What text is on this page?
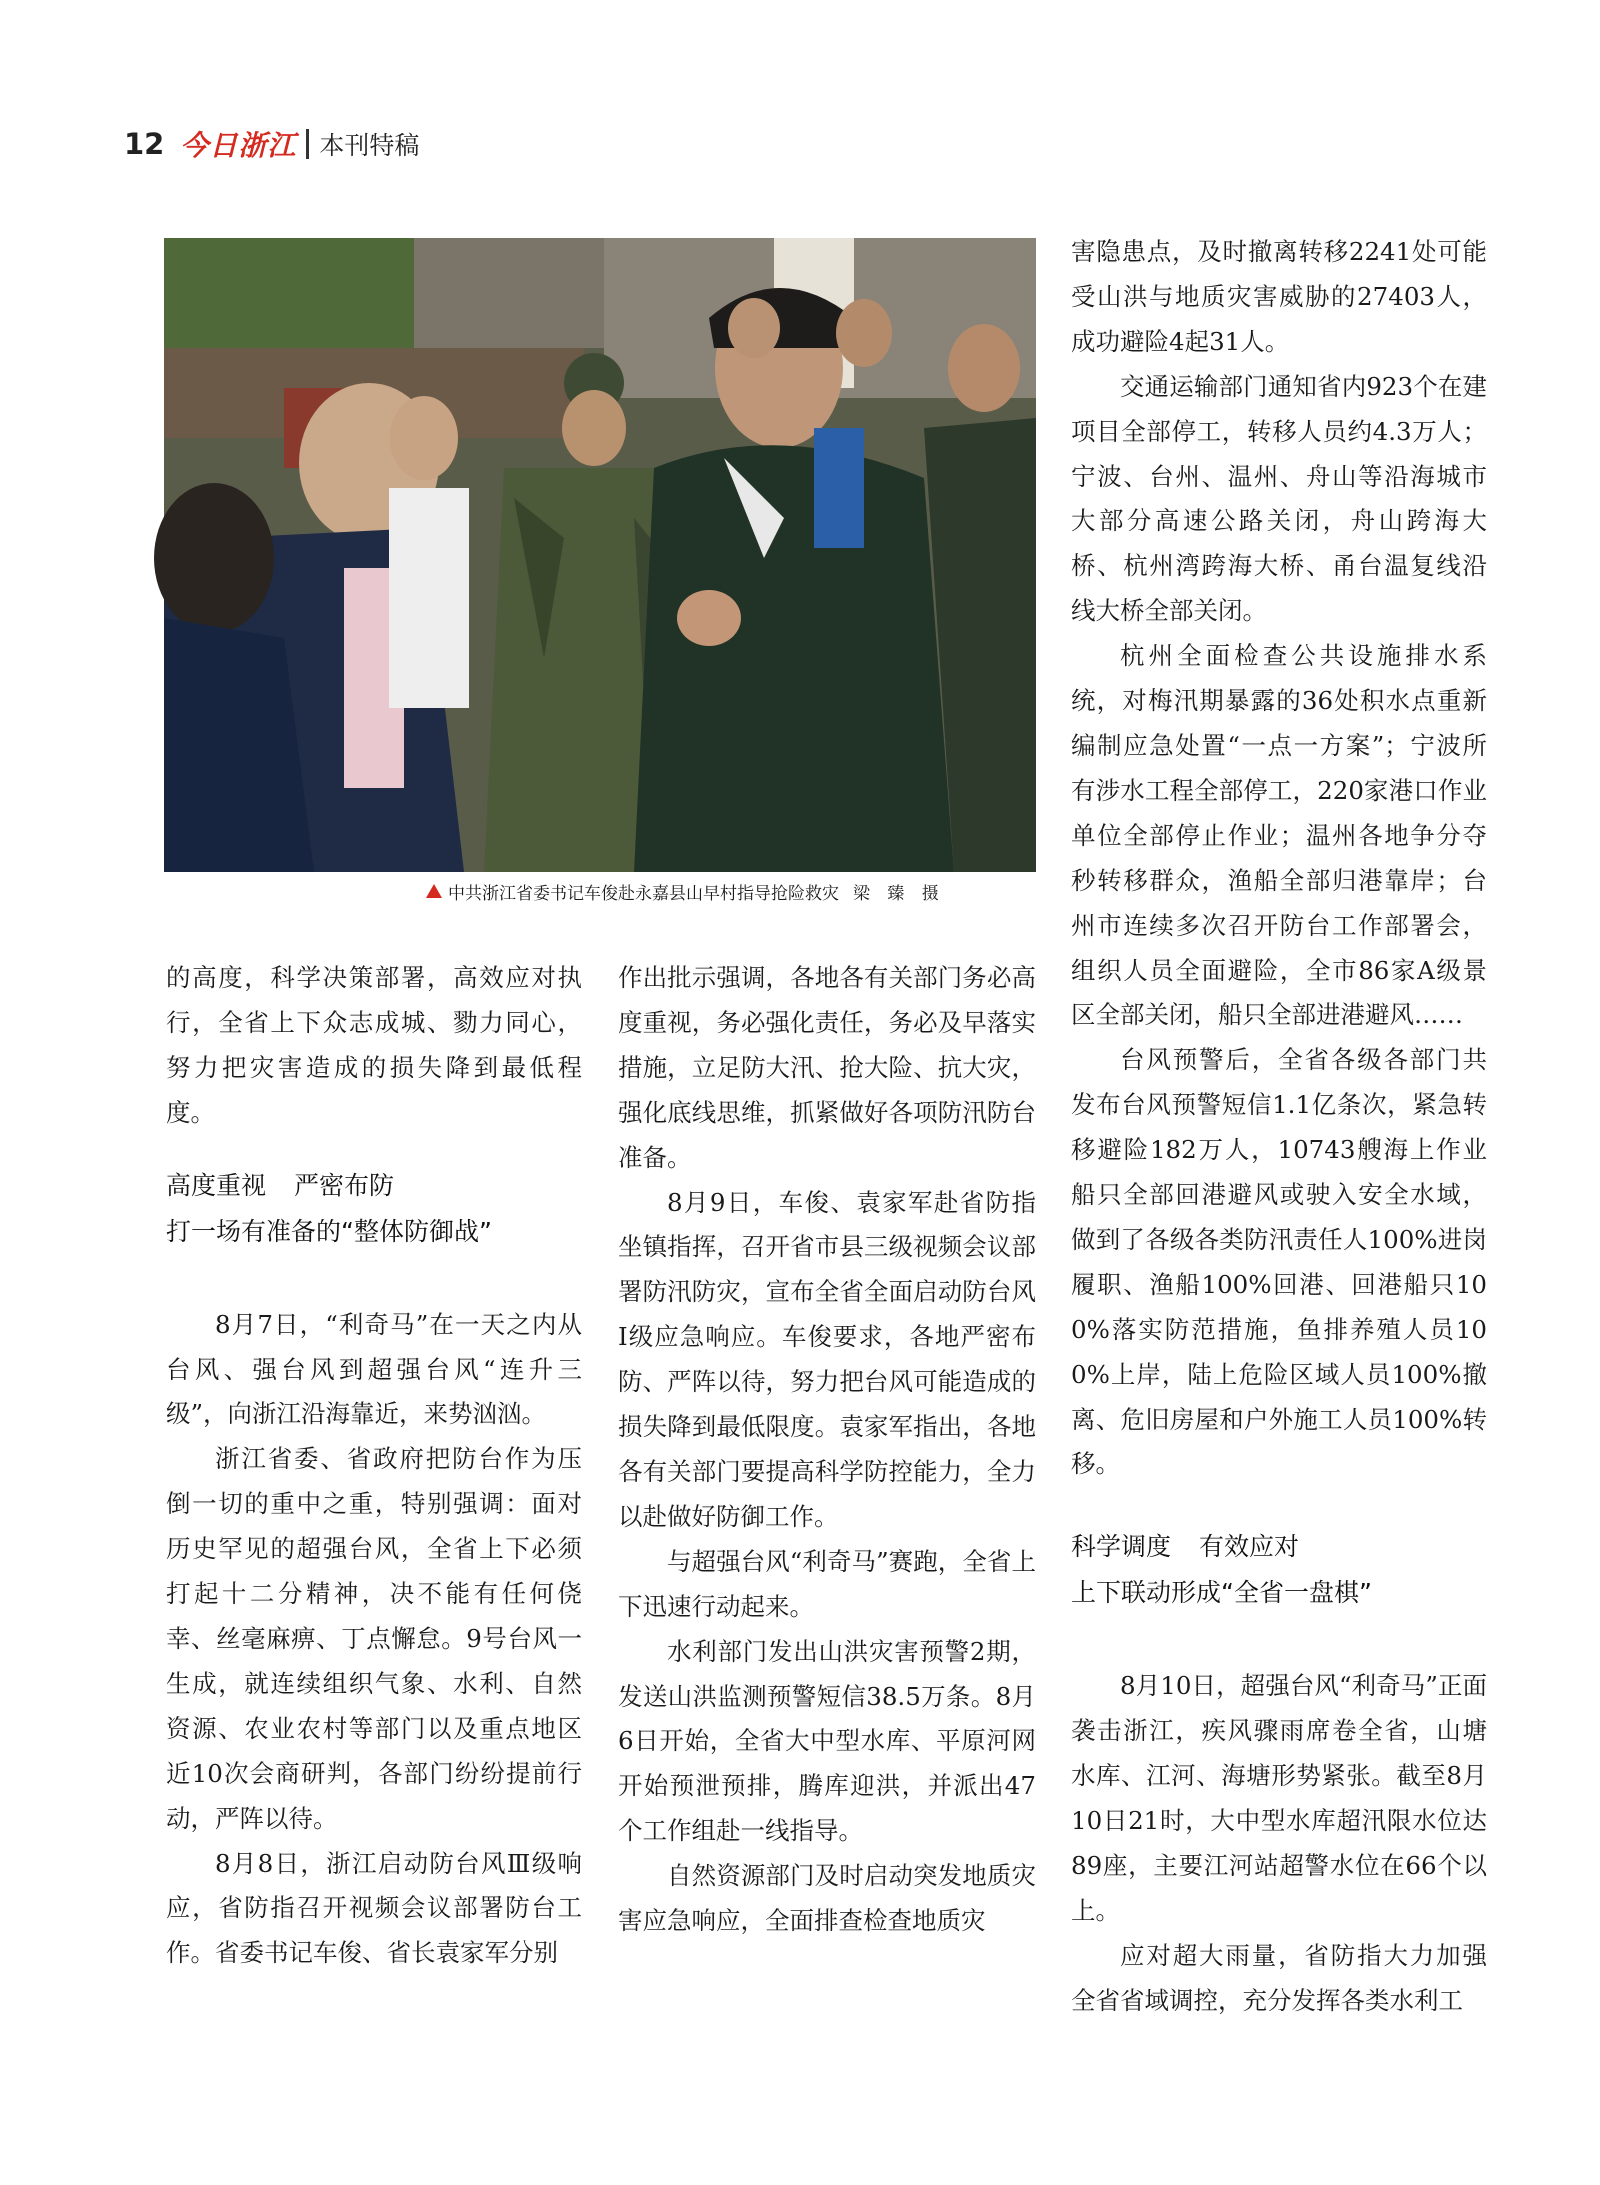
12 今日浙江 本刊特稿
中共浙江省委书记车俊赴永嘉县山早村指导抢险救灾 梁 臻 摄

的高度，科学决策部署，高效应对执行，全省上下众志成城、勠力同心，努力把灾害造成的损失降到最低程度。

高度重视 严密布防
打一场有准备的“整体防御战”

8月7日，“利奇马”在一天之内从台风、强台风到超强台风“连升三级”，向浙江沿海靠近，来势汹汹。

浙江省委、省政府把防台作为压倒一切的重中之重，特别强调：面对历史罕见的超强台风，全省上下必须打起十二分精神，决不能有任何侥幸、丝毫麻痹、丁点懈怠。9号台风一生成，就连续组织气象、水利、自然资源、农业农村等部门以及重点地区近10次会商研判，各部门纷纷提前行动，严阵以待。

8月8日，浙江启动防台风Ⅲ级响应，省防指召开视频会议部署防台工作。省委书记车俊、省长袁家军分别

作出批示强调，各地各有关部门务必高度重视，务必强化责任，务必及早落实措施，立足防大汛、抢大险、抗大灾，强化底线思维，抓紧做好各项防汛防台准备。

8月9日，车俊、袁家军赴省防指坐镇指挥，召开省市县三级视频会议部署防汛防灾，宣布全省全面启动防台风Ⅰ级应急响应。车俊要求，各地严密布防、严阵以待，努力把台风可能造成的损失降到最低限度。袁家军指出，各地各有关部门要提高科学防控能力，全力以赴做好防御工作。

与超强台风“利奇马”赛跑，全省上下迅速行动起来。

水利部门发出山洪灾害预警2期，发送山洪监测预警短信38.5万条。8月6日开始，全省大中型水库、平原河网开始预泄预排，腾库迎洪，并派出47个工作组赴一线指导。

自然资源部门及时启动突发地质灾害应急响应，全面排查检查地质灾

害隐患点，及时撤离转移2241处可能受山洪与地质灾害威胁的27403人，成功避险4起31人。

交通运输部门通知省内923个在建项目全部停工，转移人员约4.3万人；宁波、台州、温州、舟山等沿海城市大部分高速公路关闭，舟山跨海大桥、杭州湾跨海大桥、甬台温复线沿线大桥全部关闭。

杭州全面检查公共设施排水系统，对梅汛期暴露的36处积水点重新编制应急处置“一点一方案”；宁波所有涉水工程全部停工，220家港口作业单位全部停止作业；温州各地争分夺秒转移群众，渔船全部归港靠岸；台州市连续多次召开防台工作部署会，组织人员全面避险，全市86家A级景区全部关闭，船只全部进港避风……

台风预警后，全省各级各部门共发布台风预警短信1.1亿条次，紧急转移避险182万人，10743艘海上作业船只全部回港避风或驶入安全水域，做到了各级各类防汛责任人100%进岗履职、渔船100%回港、回港船只100%落实防范措施，鱼排养殖人员100%上岸，陆上危险区域人员100%撤离、危旧房屋和户外施工人员100%转移。

科学调度 有效应对
上下联动形成“全省一盘棋”

8月10日，超强台风“利奇马”正面袭击浙江，疾风骤雨席卷全省，山塘水库、江河、海塘形势紧张。截至8月10日21时，大中型水库超汛限水位达89座，主要江河站超警水位在66个以上。

应对超大雨量，省防指大力加强全省省域调控，充分发挥各类水利工
